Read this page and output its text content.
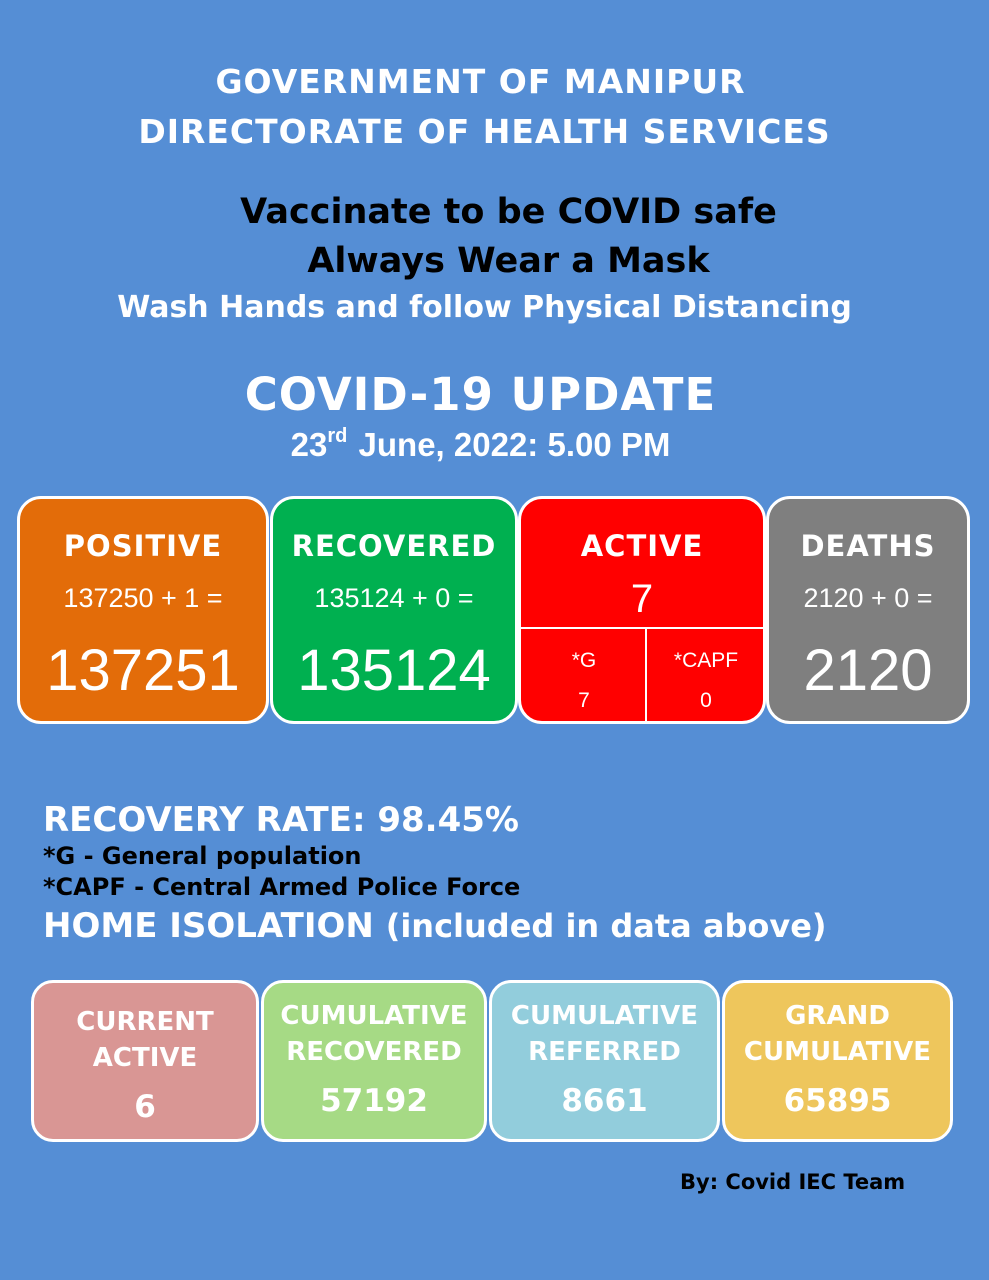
GOVERNMENT OF MANIPUR
DIRECTORATE OF HEALTH SERVICES
Vaccinate to be COVID safe
Always Wear a Mask
Wash Hands and follow Physical Distancing
COVID-19 UPDATE
23rd June, 2022: 5.00 PM
POSITIVE
137250 + 1 =
137251
RECOVERED
135124 + 0 =
135124
ACTIVE
7
*G
7
*CAPF
0
DEATHS
2120 + 0 =
2120
RECOVERY RATE: 98.45%
*G - General population
*CAPF - Central Armed Police Force
HOME ISOLATION (included in data above)
CURRENT
ACTIVE
6
CUMULATIVE
RECOVERED
57192
CUMULATIVE
REFERRED
8661
GRAND
CUMULATIVE
65895
By: Covid IEC Team
